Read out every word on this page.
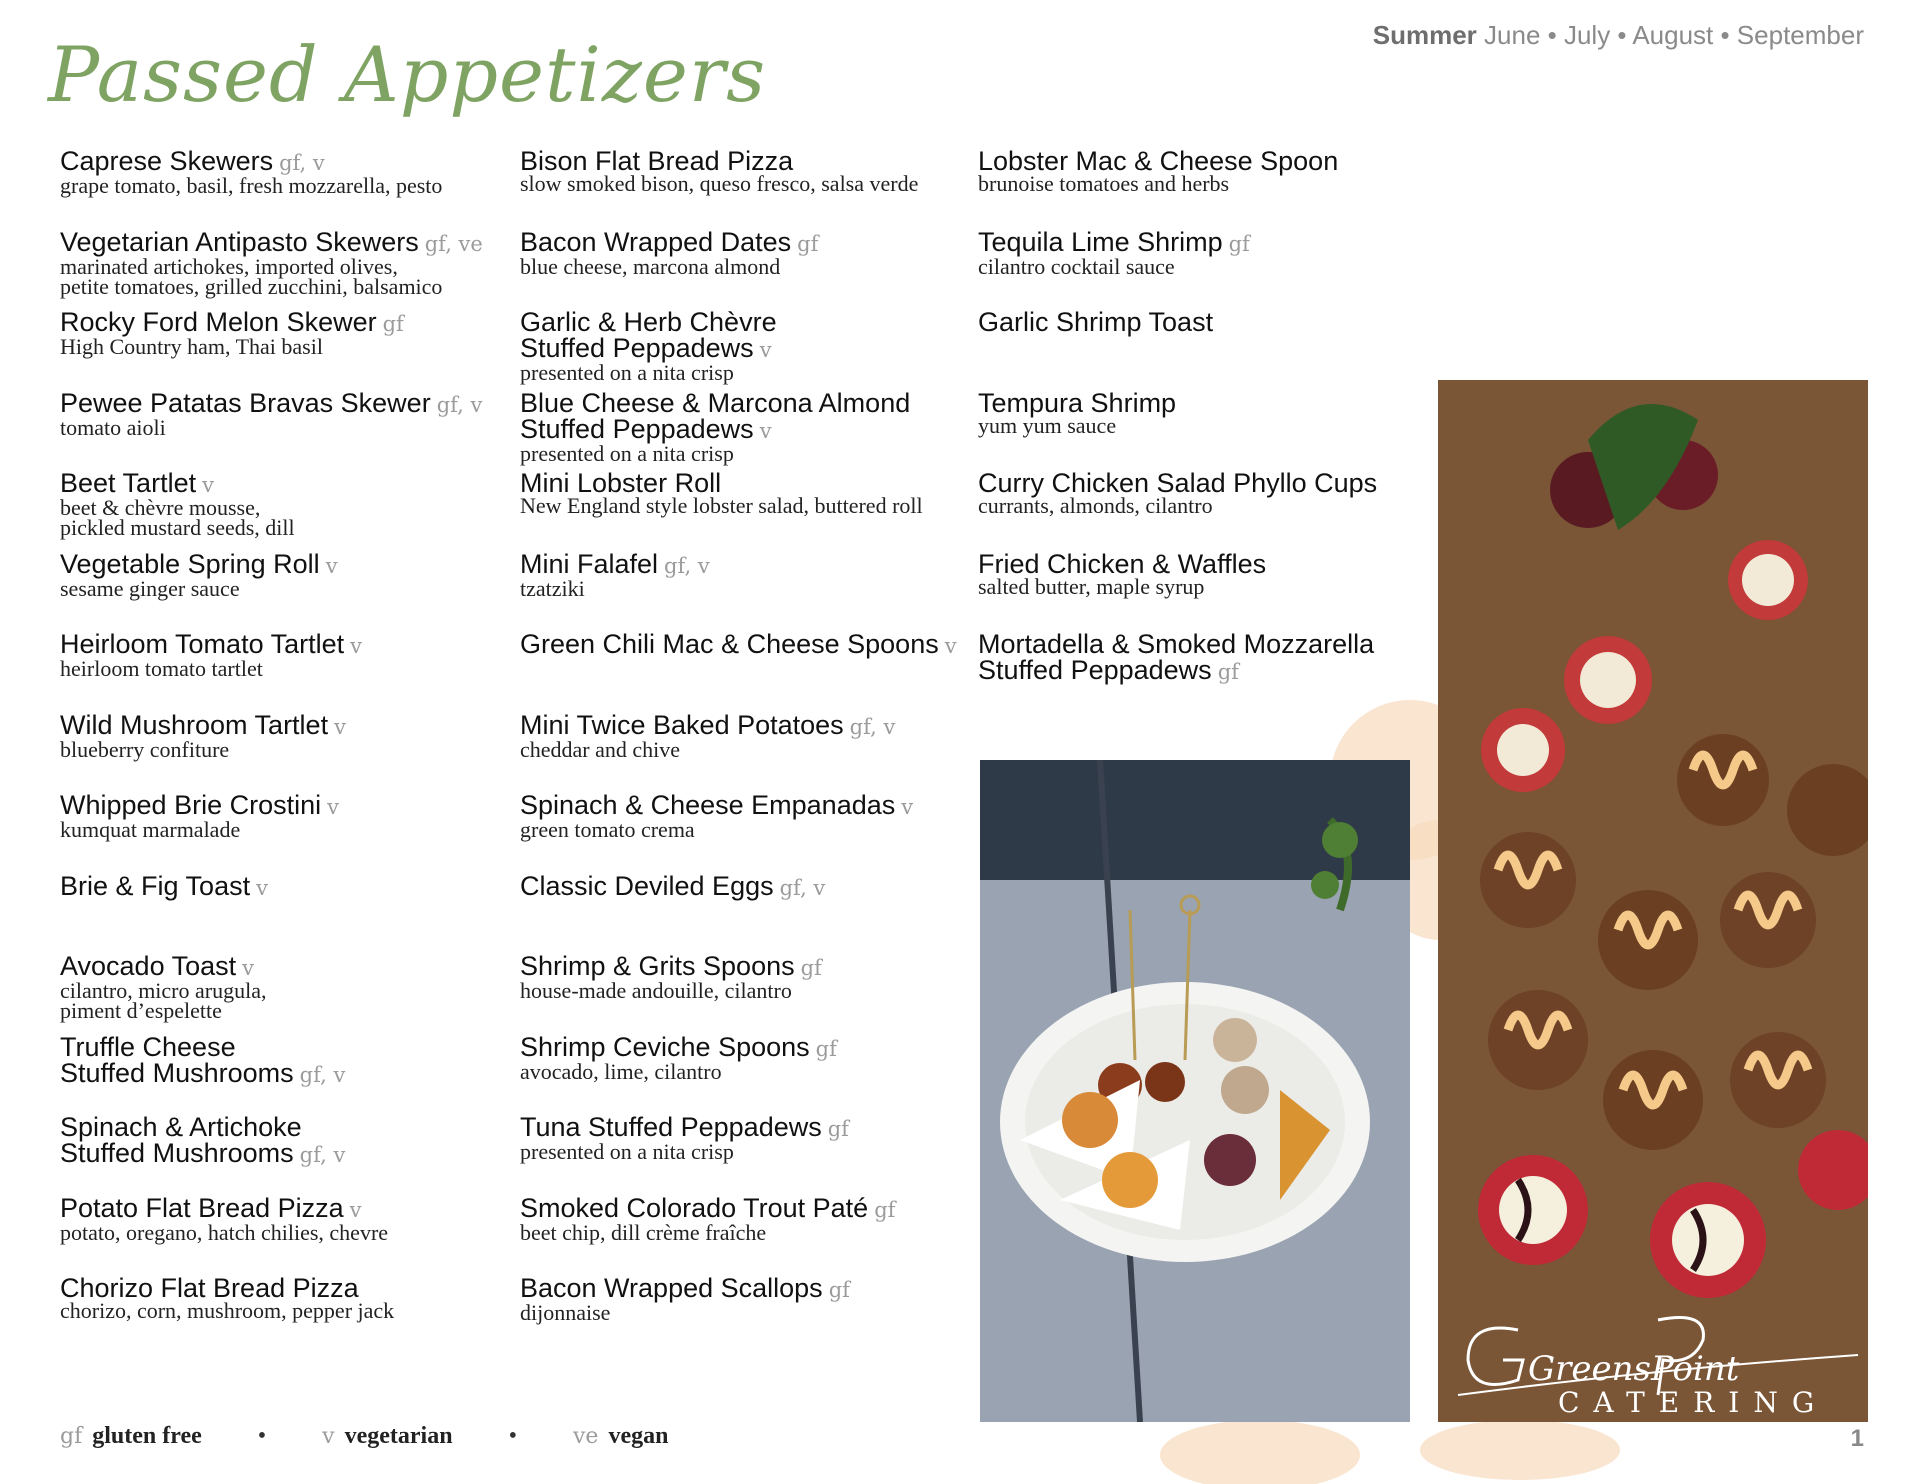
Summer June • July • August • September
Passed Appetizers
Caprese Skewers gf, v
grape tomato, basil, fresh mozzarella, pesto
Vegetarian Antipasto Skewers gf, ve
marinated artichokes, imported olives,
petite tomatoes, grilled zucchini, balsamico
Rocky Ford Melon Skewer gf
High Country ham, Thai basil
Pewee Patatas Bravas Skewer gf, v
tomato aioli
Beet Tartlet v
beet & chèvre mousse,
pickled mustard seeds, dill
Vegetable Spring Roll v
sesame ginger sauce
Heirloom Tomato Tartlet v
heirloom tomato tartlet
Wild Mushroom Tartlet v
blueberry confiture
Whipped Brie Crostini v
kumquat marmalade
Brie & Fig Toast v
Avocado Toast v
cilantro, micro arugula,
piment d’espelette
Truffle Cheese
Stuffed Mushrooms gf, v
Spinach & Artichoke
Stuffed Mushrooms gf, v
Potato Flat Bread Pizza v
potato, oregano, hatch chilies, chevre
Chorizo Flat Bread Pizza
chorizo, corn, mushroom, pepper jack
Bison Flat Bread Pizza
slow smoked bison, queso fresco, salsa verde
Bacon Wrapped Dates gf
blue cheese, marcona almond
Garlic & Herb Chèvre
Stuffed Peppadews v
presented on a nita crisp
Blue Cheese & Marcona Almond
Stuffed Peppadews v
presented on a nita crisp
Mini Lobster Roll
New England style lobster salad, buttered roll
Mini Falafel gf, v
tzatziki
Green Chili Mac & Cheese Spoons v
Mini Twice Baked Potatoes gf, v
cheddar and chive
Spinach & Cheese Empanadas v
green tomato crema
Classic Deviled Eggs gf, v
Shrimp & Grits Spoons gf
house-made andouille, cilantro
Shrimp Ceviche Spoons gf
avocado, lime, cilantro
Tuna Stuffed Peppadews gf
presented on a nita crisp
Smoked Colorado Trout Paté gf
beet chip, dill crème fraîche
Bacon Wrapped Scallops gf
dijonnaise
Lobster Mac & Cheese Spoon
brunoise tomatoes and herbs
Tequila Lime Shrimp gf
cilantro cocktail sauce
Garlic Shrimp Toast
Tempura Shrimp
yum yum sauce
Curry Chicken Salad Phyllo Cups
currants, almonds, cilantro
Fried Chicken & Waffles
salted butter, maple syrup
Mortadella & Smoked Mozzarella
Stuffed Peppadews gf
GreensPoint
CATERING
gf gluten free •	v vegetarian •	ve vegan	1
